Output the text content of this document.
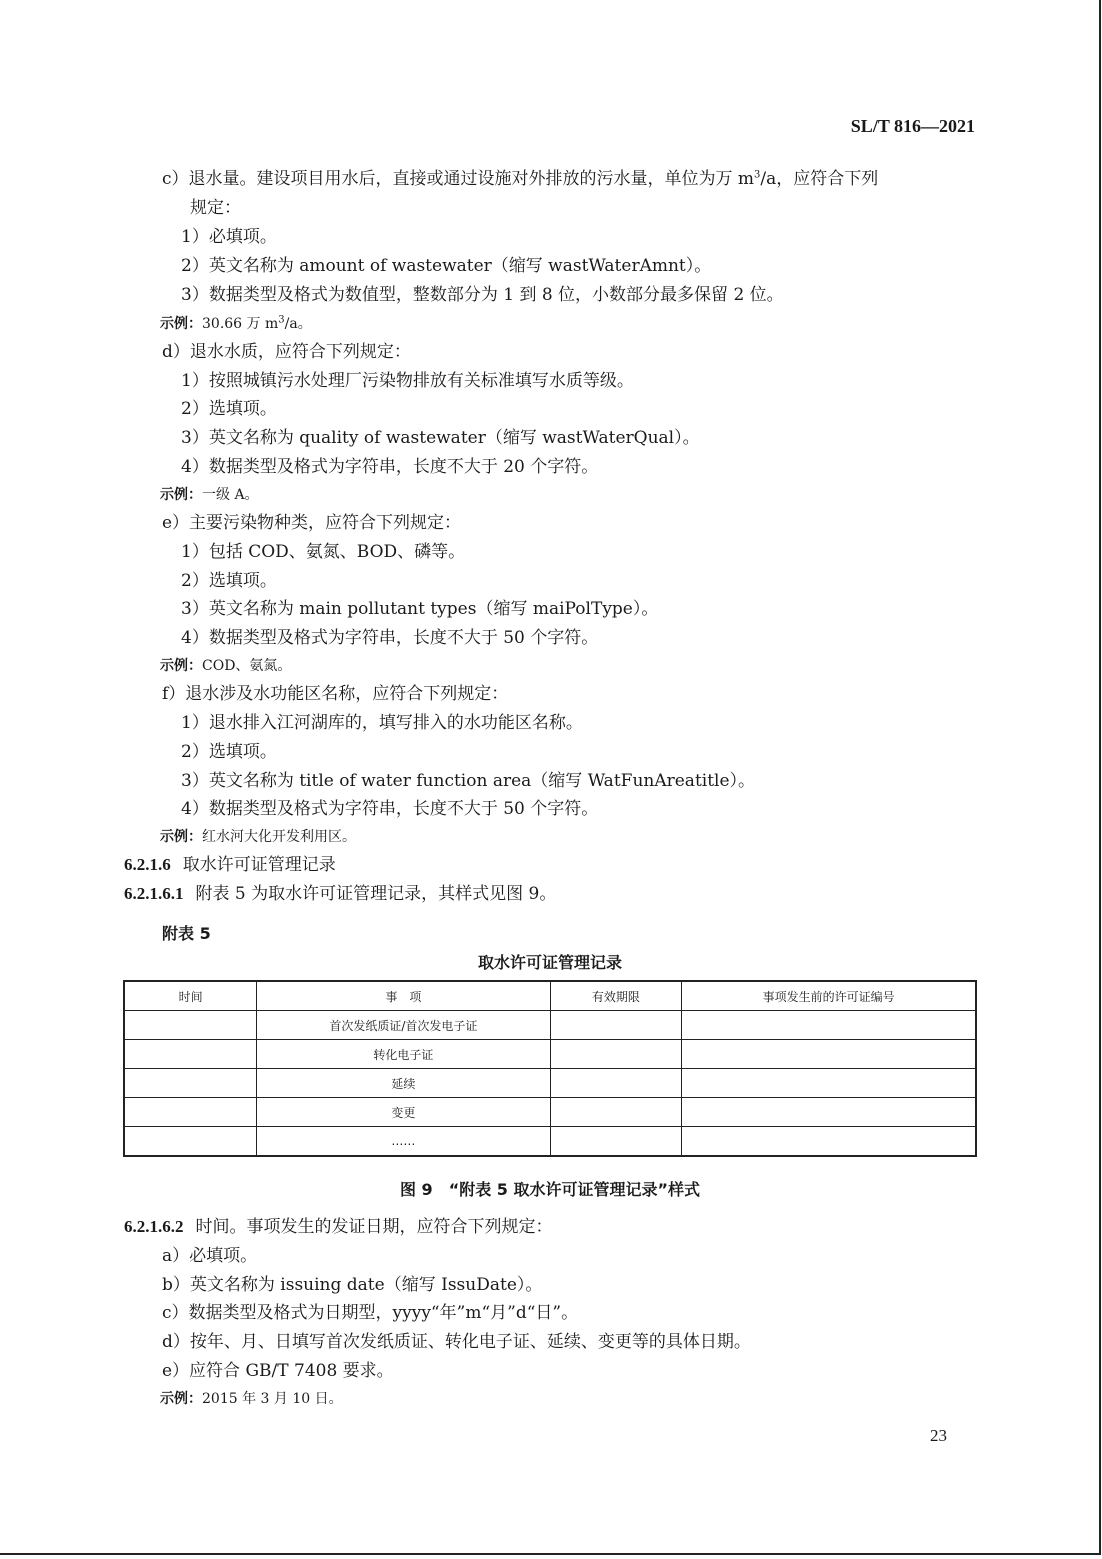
SL/T 816—2021
c）退水量。建设项目用水后，直接或通过设施对外排放的污水量，单位为万 $m^3/a$，应符合下列
规定：
1）必填项。
2）英文名称为 amount of wastewater（缩写 wastWaterAmnt）。
3）数据类型及格式为数值型，整数部分为 1 到 8 位，小数部分最多保留 2 位。
示例：30.66 万 $m^3/a$。
d）退水水质，应符合下列规定：
1）按照城镇污水处理厂污染物排放有关标准填写水质等级。
2）选填项。
3）英文名称为 quality of wastewater（缩写 wastWaterQual）。
4）数据类型及格式为字符串，长度不大于 20 个字符。
示例：一级 A。
e）主要污染物种类，应符合下列规定：
1）包括 COD、氨氮、BOD、磷等。
2）选填项。
3）英文名称为 main pollutant types（缩写 maiPolType）。
4）数据类型及格式为字符串，长度不大于 50 个字符。
示例：COD、氨氮。
f）退水涉及水功能区名称，应符合下列规定：
1）退水排入江河湖库的，填写排入的水功能区名称。
2）选填项。
3）英文名称为 title of water function area（缩写 WatFunAreatitle）。
4）数据类型及格式为字符串，长度不大于 50 个字符。
示例：红水河大化开发利用区。
6.2.1.6 取水许可证管理记录
6.2.1.6.1 附表 5 为取水许可证管理记录，其样式见图 9。
附表 5
取水许可证管理记录
时间	事　项	有效期限	事项发生前的许可证编号
	首次发纸质证/首次发电子证		
	转化电子证		
	延续		
	变更		
	……		
图 9　“附表 5 取水许可证管理记录”样式
6.2.1.6.2 时间。事项发生的发证日期，应符合下列规定：
a）必填项。
b）英文名称为 issuing date（缩写 IssuDate）。
c）数据类型及格式为日期型，yyyy“年”m“月”d“日”。
d）按年、月、日填写首次发纸质证、转化电子证、延续、变更等的具体日期。
e）应符合 GB/T 7408 要求。
示例：2015 年 3 月 10 日。
23
